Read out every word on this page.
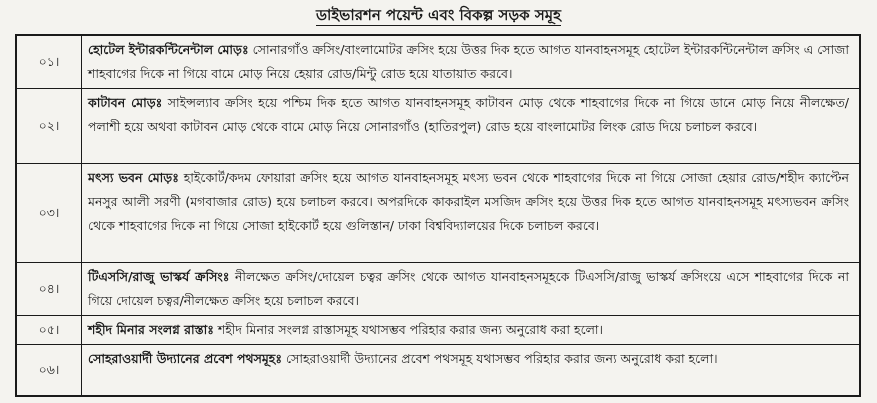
ডাইভারশন পয়েন্ট এবং বিকল্প সড়ক সমূহ
০১।	হোটেল ইন্টারকন্টিনেন্টাল মোড়ঃ সোনারগাঁও ক্রসিং/বাংলামোটর ক্রসিং হয়ে উত্তর দিক হতে আগত যানবাহনসমূহ হোটেল ইন্টারকন্টিনেন্টাল ক্রসিং এ সোজা শাহবাগের দিকে না গিয়ে বামে মোড় নিয়ে হেয়ার রোড/মিন্টু রোড হয়ে যাতায়াত করবে।
০২।	কাটাবন মোড়ঃ সাইন্সল্যাব ক্রসিং হয়ে পশ্চিম দিক হতে আগত যানবাহনসমূহ কাটাবন মোড় থেকে শাহবাগের দিকে না গিয়ে ডানে মোড় নিয়ে নীলক্ষেত/পলাশী হয়ে অথবা কাটাবন মোড় থেকে বামে মোড় নিয়ে সোনারগাঁও (হাতিরপুল) রোড হয়ে বাংলামোটর লিংক রোড দিয়ে চলাচল করবে।
০৩।	মৎস্য ভবন মোড়ঃ হাইকোর্ট/কদম ফোয়ারা ক্রসিং হয়ে আগত যানবাহনসমূহ মৎস্য ভবন থেকে শাহবাগের দিকে না গিয়ে সোজা হেয়ার রোড/শহীদ ক্যাপ্টেন মনসুর আলী সরণী (মগবাজার রোড) হয়ে চলাচল করবে। অপরদিকে কাকরাইল মসজিদ ক্রসিং হয়ে উত্তর দিক হতে আগত যানবাহনসমূহ মৎস্যভবন ক্রসিং থেকে শাহবাগের দিকে না গিয়ে সোজা হাইকোর্ট হয়ে গুলিস্তান/ ঢাকা বিশ্ববিদ্যালয়ের দিকে চলাচল করবে।
০৪।	টিএসসি/রাজু ভাস্কর্য ক্রসিংঃ নীলক্ষেত ক্রসিং/দোয়েল চত্বর ক্রসিং থেকে আগত যানবাহনসমূহকে টিএসসি/রাজু ভাস্কর্য ক্রসিংয়ে এসে শাহবাগের দিকে না গিয়ে দোয়েল চত্বর/নীলক্ষেত ক্রসিং হয়ে চলাচল করবে।
০৫।	শহীদ মিনার সংলগ্ন রাস্তাঃ শহীদ মিনার সংলগ্ন রাস্তাসমূহ যথাসম্ভব পরিহার করার জন্য অনুরোধ করা হলো।
০৬।	সোহরাওয়ার্দী উদ্যানের প্রবেশ পথসমূহঃ সোহরাওয়ার্দী উদ্যানের প্রবেশ পথসমূহ যথাসম্ভব পরিহার করার জন্য অনুরোধ করা হলো।
